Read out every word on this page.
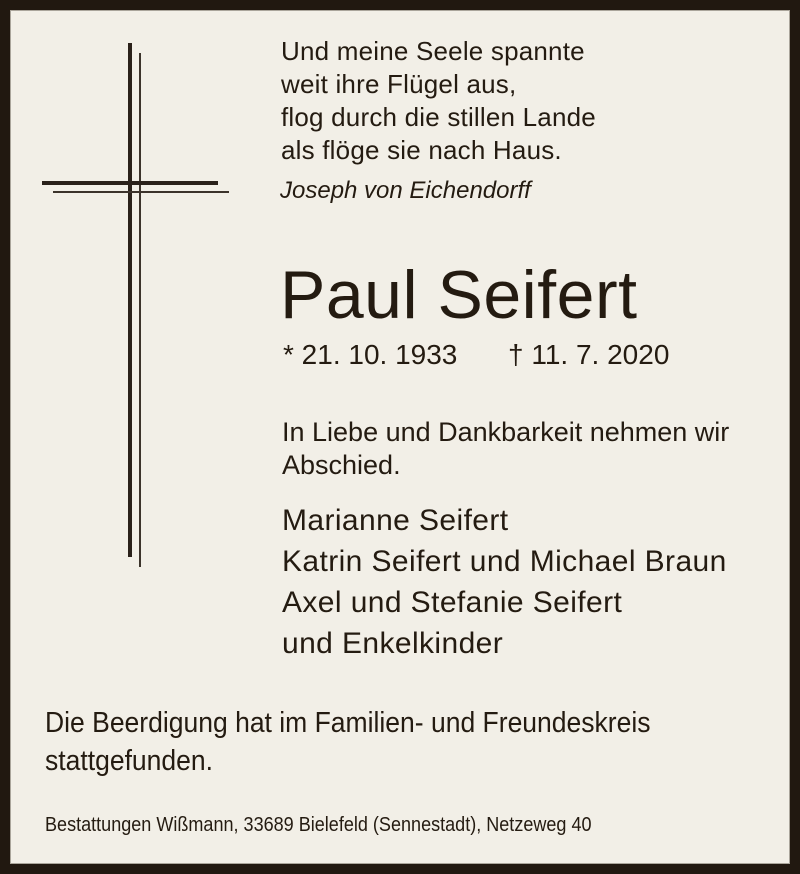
Und meine Seele spannte
weit ihre Flügel aus,
flog durch die stillen Lande
als flöge sie nach Haus.
Joseph von Eichendorff
Paul Seifert
* 21. 10. 1933 † 11. 7. 2020
In Liebe und Dankbarkeit nehmen wir
Abschied.
Marianne Seifert
Katrin Seifert und Michael Braun
Axel und Stefanie Seifert
und Enkelkinder
Die Beerdigung hat im Familien- und Freundeskreis
stattgefunden.
Bestattungen Wißmann, 33689 Bielefeld (Sennestadt), Netzeweg 40
